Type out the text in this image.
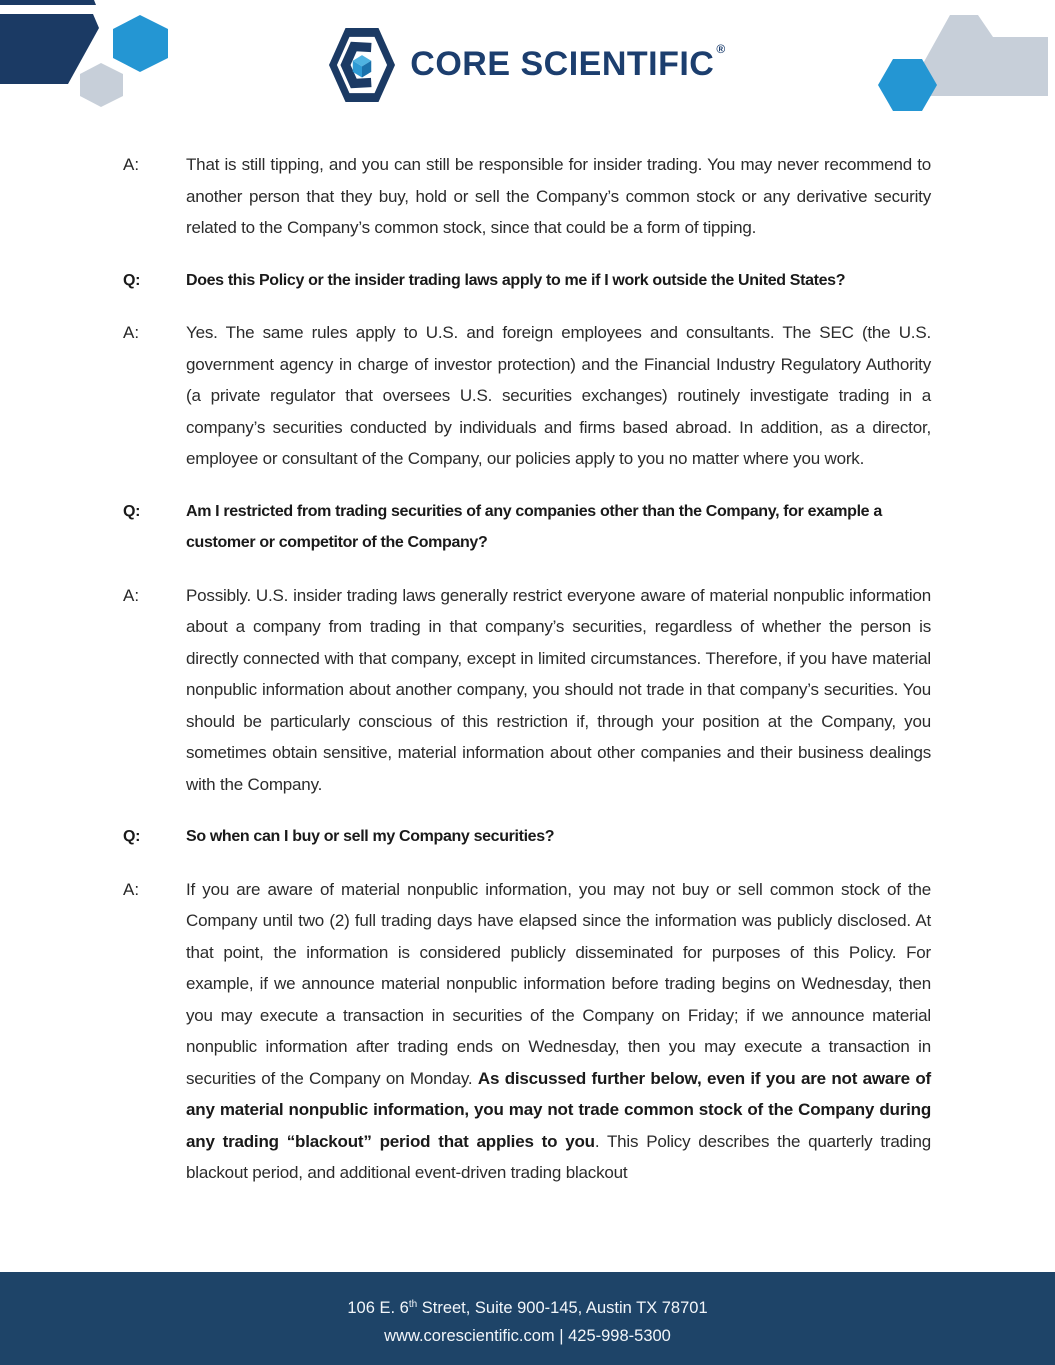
CORE SCIENTIFIC ®
A:	That is still tipping, and you can still be responsible for insider trading. You may never recommend to another person that they buy, hold or sell the Company’s common stock or any derivative security related to the Company’s common stock, since that could be a form of tipping.
Q:	Does this Policy or the insider trading laws apply to me if I work outside the United States?
A:	Yes. The same rules apply to U.S. and foreign employees and consultants. The SEC (the U.S. government agency in charge of investor protection) and the Financial Industry Regulatory Authority (a private regulator that oversees U.S. securities exchanges) routinely investigate trading in a company’s securities conducted by individuals and firms based abroad. In addition, as a director, employee or consultant of the Company, our policies apply to you no matter where you work.
Q:	Am I restricted from trading securities of any companies other than the Company, for example a customer or competitor of the Company?
A:	Possibly. U.S. insider trading laws generally restrict everyone aware of material nonpublic information about a company from trading in that company’s securities, regardless of whether the person is directly connected with that company, except in limited circumstances. Therefore, if you have material nonpublic information about another company, you should not trade in that company’s securities. You should be particularly conscious of this restriction if, through your position at the Company, you sometimes obtain sensitive, material information about other companies and their business dealings with the Company.
Q:	So when can I buy or sell my Company securities?
A:	If you are aware of material nonpublic information, you may not buy or sell common stock of the Company until two (2) full trading days have elapsed since the information was publicly disclosed. At that point, the information is considered publicly disseminated for purposes of this Policy. For example, if we announce material nonpublic information before trading begins on Wednesday, then you may execute a transaction in securities of the Company on Friday; if we announce material nonpublic information after trading ends on Wednesday, then you may execute a transaction in securities of the Company on Monday. As discussed further below, even if you are not aware of any material nonpublic information, you may not trade common stock of the Company during any trading “blackout” period that applies to you. This Policy describes the quarterly trading blackout period, and additional event-driven trading blackout
106 E. 6th Street, Suite 900-145, Austin TX 78701
www.corescientific.com | 425-998-5300
